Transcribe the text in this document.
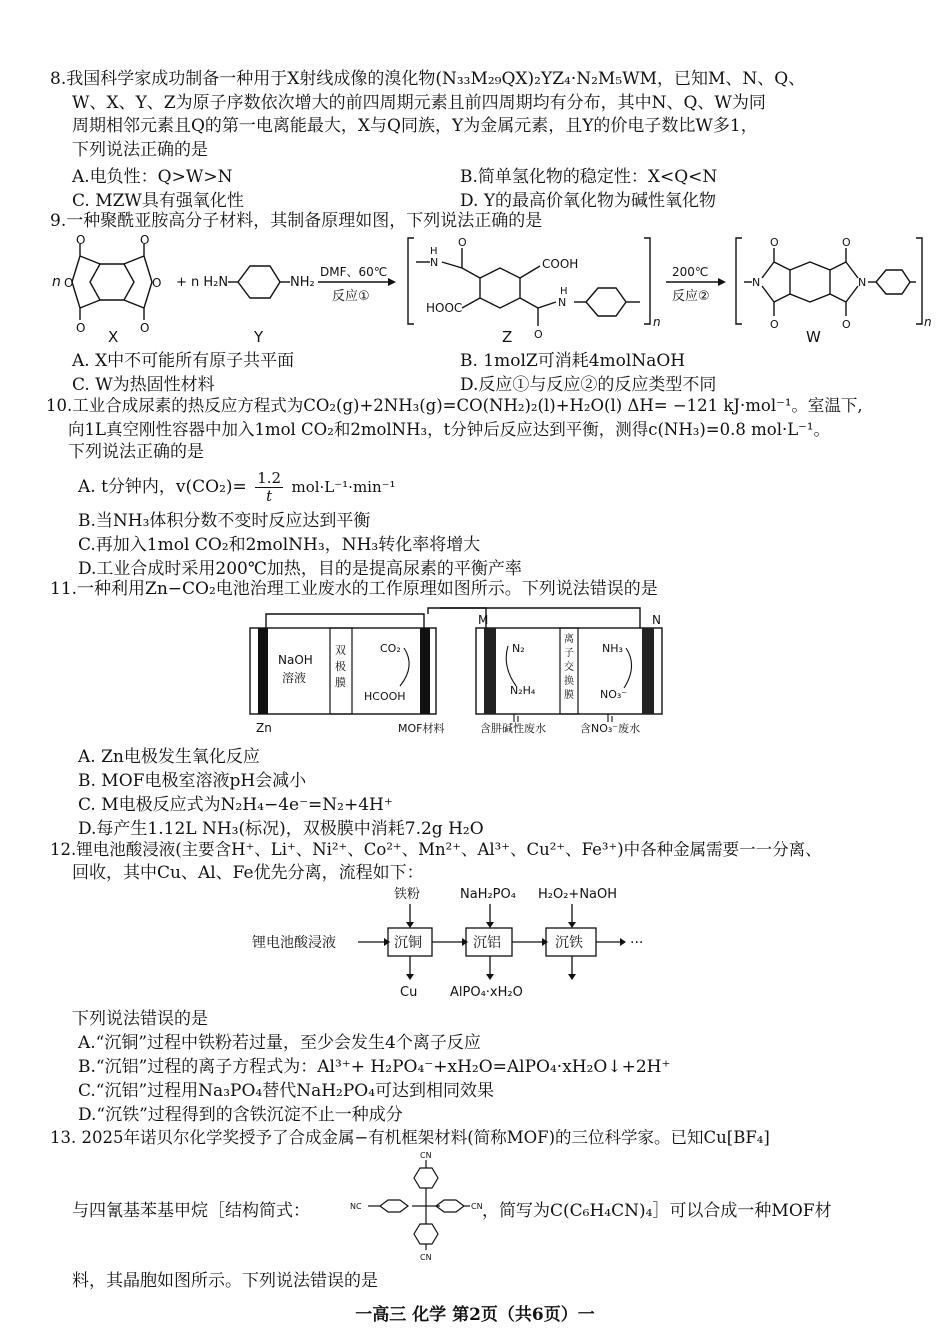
8.我国科学家成功制备一种用于X射线成像的溴化物(N₃₃M₂₉QX)₂YZ₄·N₂M₅WM，已知M、N、Q、
W、X、Y、Z为原子序数依次增大的前四周期元素且前四周期均有分布，其中N、Q、W为同
周期相邻元素且Q的第一电离能最大，X与Q同族，Y为金属元素，且Y的价电子数比W多1，
下列说法正确的是
A.电负性：Q>W>N	B.简单氢化物的稳定性：X<Q<N
C. MZW具有强氧化性	D. Y的最高价氧化物为碱性氧化物
9.一种聚酰亚胺高分子材料，其制备原理如图，下列说法正确的是
n
O	O
O	O
O	O
X
+ n H₂N	NH₂
Y
DMF、60℃
反应①
N
H
O
COOH
HOOC
O
N
H
n
Z
200℃
反应②
N	N
O
O
O
O	n
W
A. X中不可能所有原子共平面	B. 1molZ可消耗4molNaOH
C. W为热固性材料	D.反应①与反应②的反应类型不同
10.工业合成尿素的热反应方程式为CO₂(g)+2NH₃(g)=CO(NH₂)₂(l)+H₂O(l) ΔH= −121 kJ·mol⁻¹。室温下,
向1L真空刚性容器中加入1mol CO₂和2molNH₃，t分钟后反应达到平衡，测得c(NH₃)=0.8 mol·L⁻¹。
下列说法正确的是
A. t分钟内，$v(CO_2)= \frac{1.2}{t} mol\cdot L^{-1}\cdot\min^{-1}$
B.当NH₃体积分数不变时反应达到平衡
C.再加入1mol CO₂和2molNH₃，NH₃转化率将增大
D.工业合成时采用200℃加热，目的是提高尿素的平衡产率
11.一种利用Zn−CO₂电池治理工业废水的工作原理如图所示。下列说法错误的是
NaOH
溶液
双
极
膜
CO₂
HCOOH
Zn	MOF材料
M	N
N₂
N₂H₄
离
子
交
换
膜
NH₃
NO₃⁻
含肼碱性废水	含NO₃⁻废水
A. Zn电极发生氧化反应
B. MOF电极室溶液pH会减小
C. M电极反应式为N₂H₄−4e⁻=N₂+4H⁺
D.每产生1.12L NH₃(标况)，双极膜中消耗7.2g H₂O
12.锂电池酸浸液(主要含H⁺、Li⁺、Ni²⁺、Co²⁺、Mn²⁺、Al³⁺、Cu²⁺、Fe³⁺)中各种金属需要一一分离、
回收，其中Cu、Al、Fe优先分离，流程如下：
铁粉	NaH₂PO₄ H₂O₂+NaOH
锂电池酸浸液	沉铜	沉铝	沉铁	···
Cu	AlPO₄·xH₂O
下列说法错误的是
A.“沉铜”过程中铁粉若过量，至少会发生4个离子反应
B.“沉铝”过程的离子方程式为：Al³⁺+ H₂PO₄⁻+xH₂O=AlPO₄·xH₂O↓+2H⁺
C.“沉铝”过程用Na₃PO₄替代NaH₂PO₄可达到相同效果
D.“沉铁”过程得到的含铁沉淀不止一种成分
13. 2025年诺贝尔化学奖授予了合成金属−有机框架材料(简称MOF)的三位科学家。已知Cu[BF₄]
与四氰基苯基甲烷［结构简式：
CN
NC	CN
CN
，简写为C(C₆H₄CN)₄］可以合成一种MOF材
料，其晶胞如图所示。下列说法错误的是
一高三 化学 第2页（共6页）一
